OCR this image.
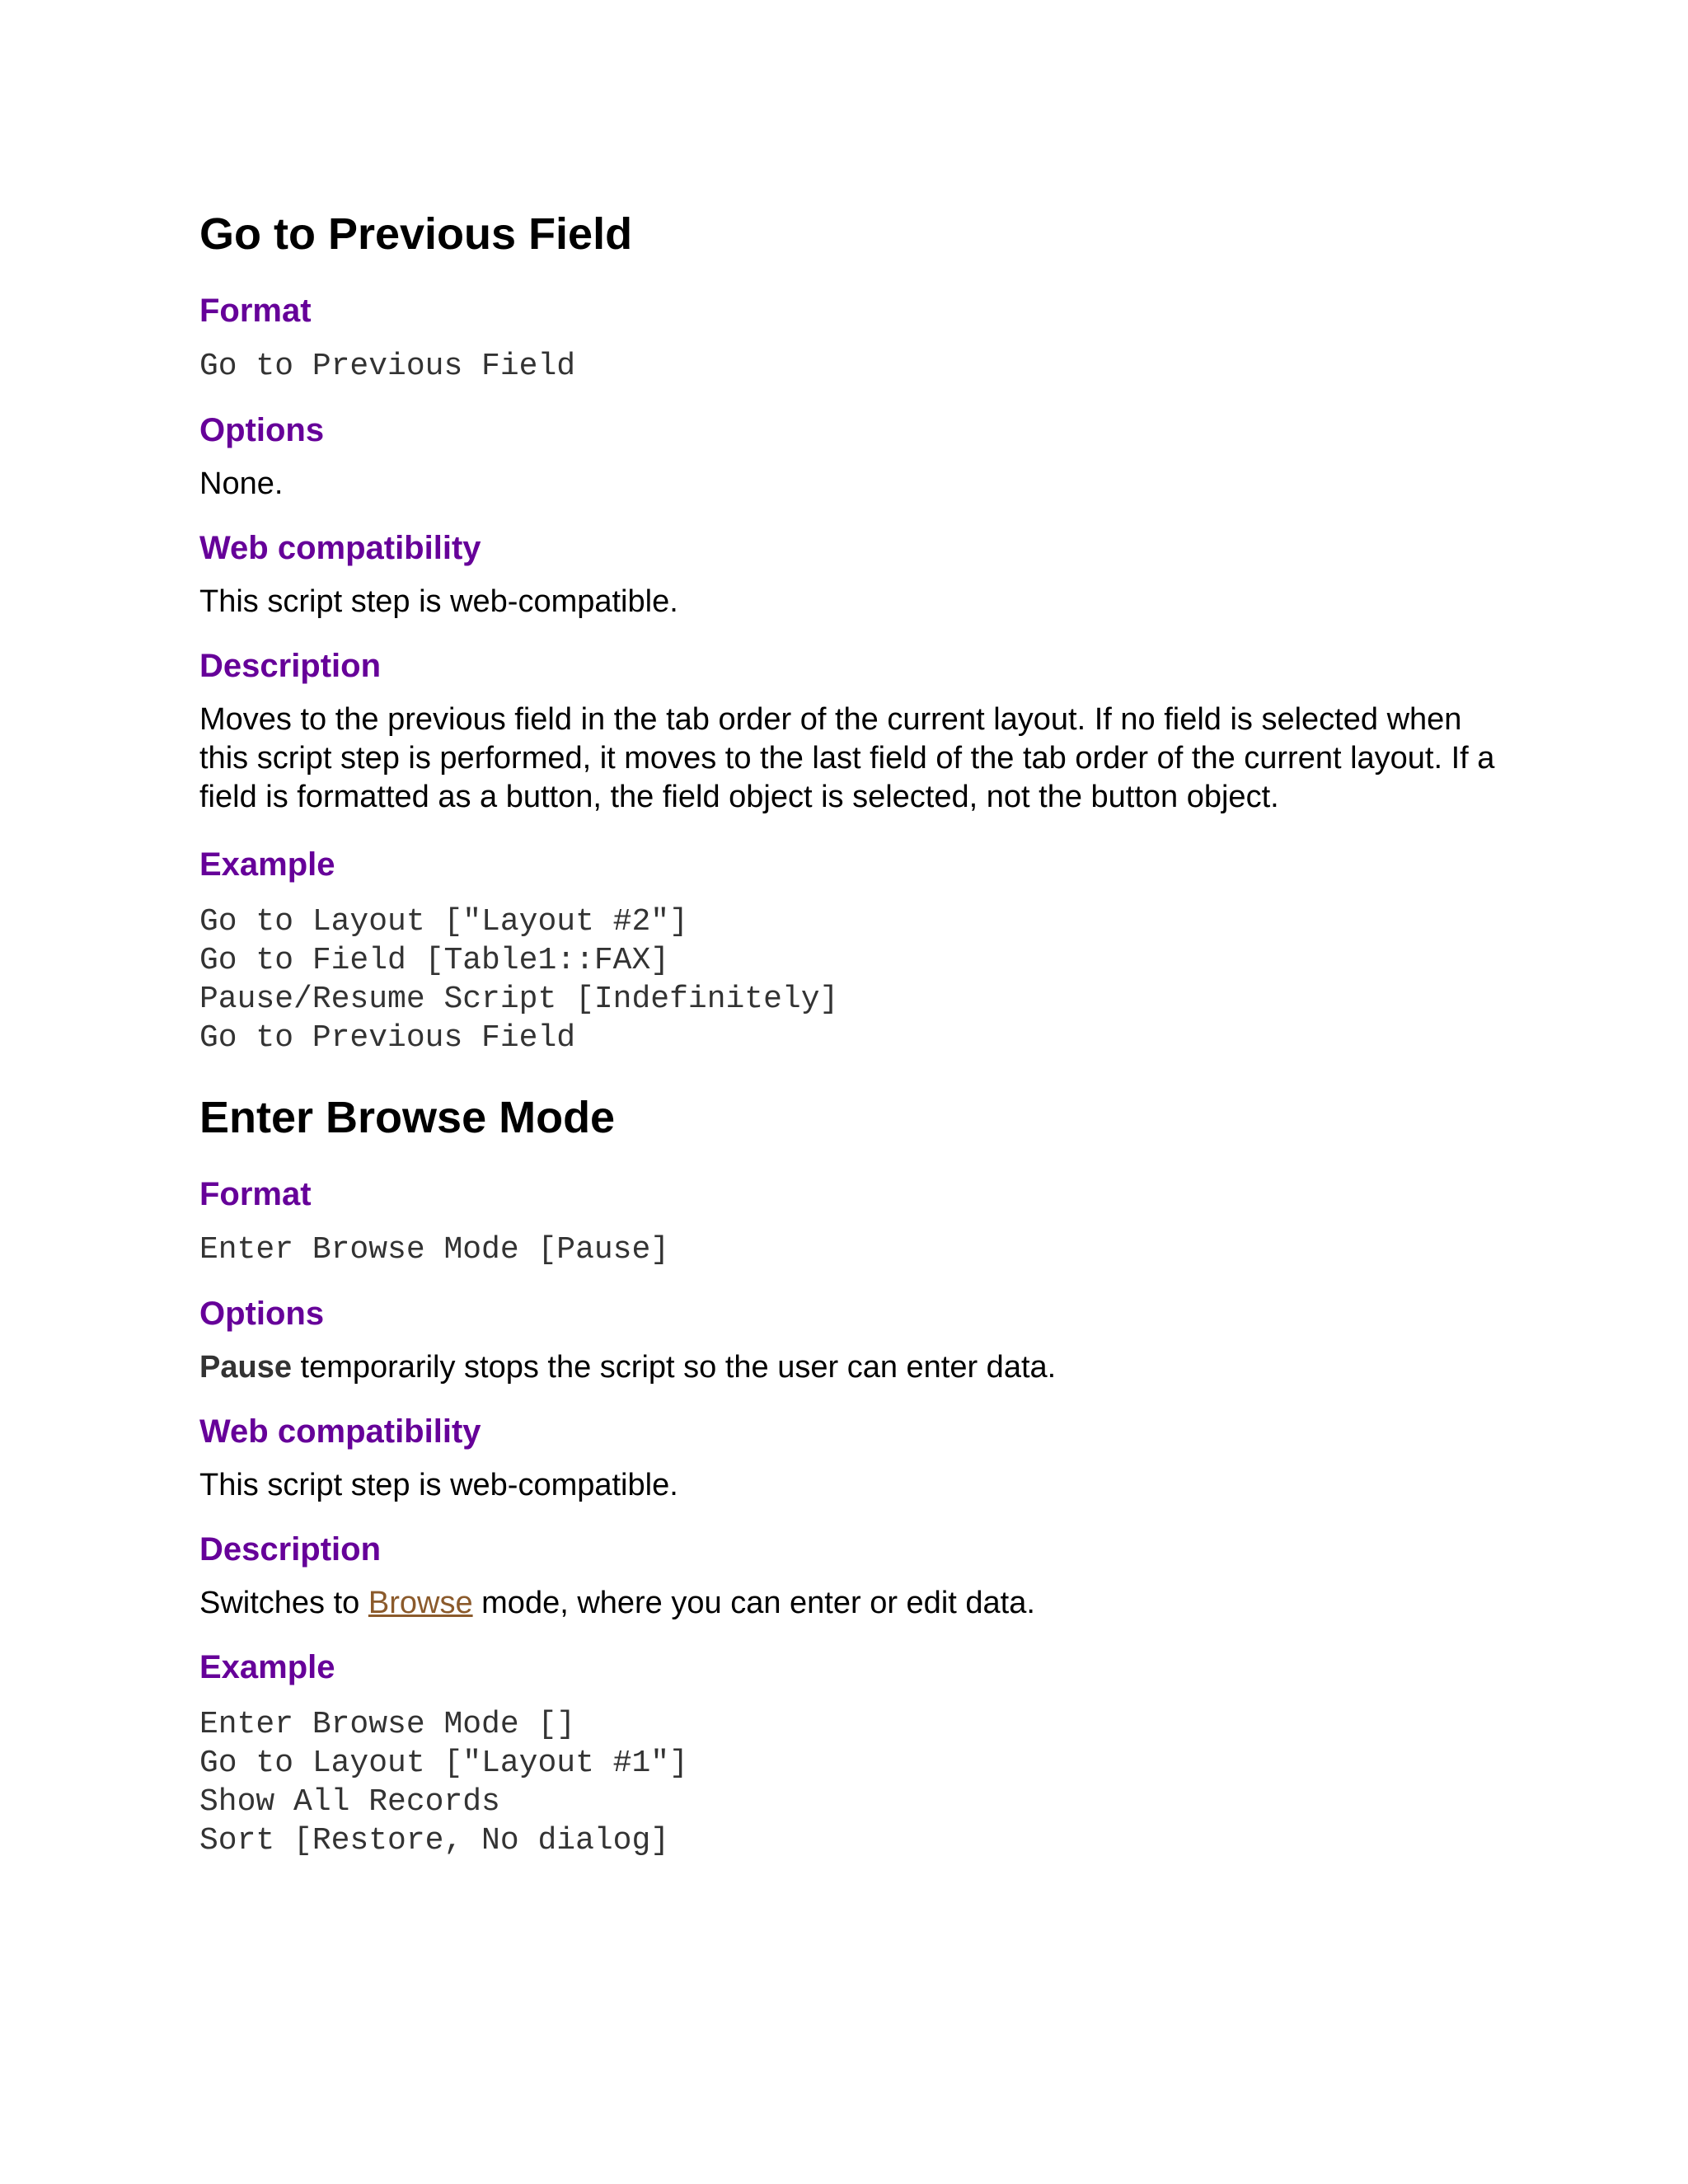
Go to Previous Field
Format
Go to Previous Field
Options

None.

Web compatibility

This script step is web-compatible.

Description

Moves to the previous field in the tab order of the current layout. If no field is selected when this script step is performed, it moves to the last field of the tab order of the current layout. If a field is formatted as a button, the field object is selected, not the button object.

Example
Go to Layout ["Layout #2"]
Go to Field [Table1::FAX]
Pause/Resume Script [Indefinitely]
Go to Previous Field
Enter Browse Mode
Format
Enter Browse Mode [Pause]
Options

Pause temporarily stops the script so the user can enter data.

Web compatibility

This script step is web-compatible.

Description

Switches to Browse mode, where you can enter or edit data.

Example
Enter Browse Mode []
Go to Layout ["Layout #1"]
Show All Records
Sort [Restore, No dialog]
